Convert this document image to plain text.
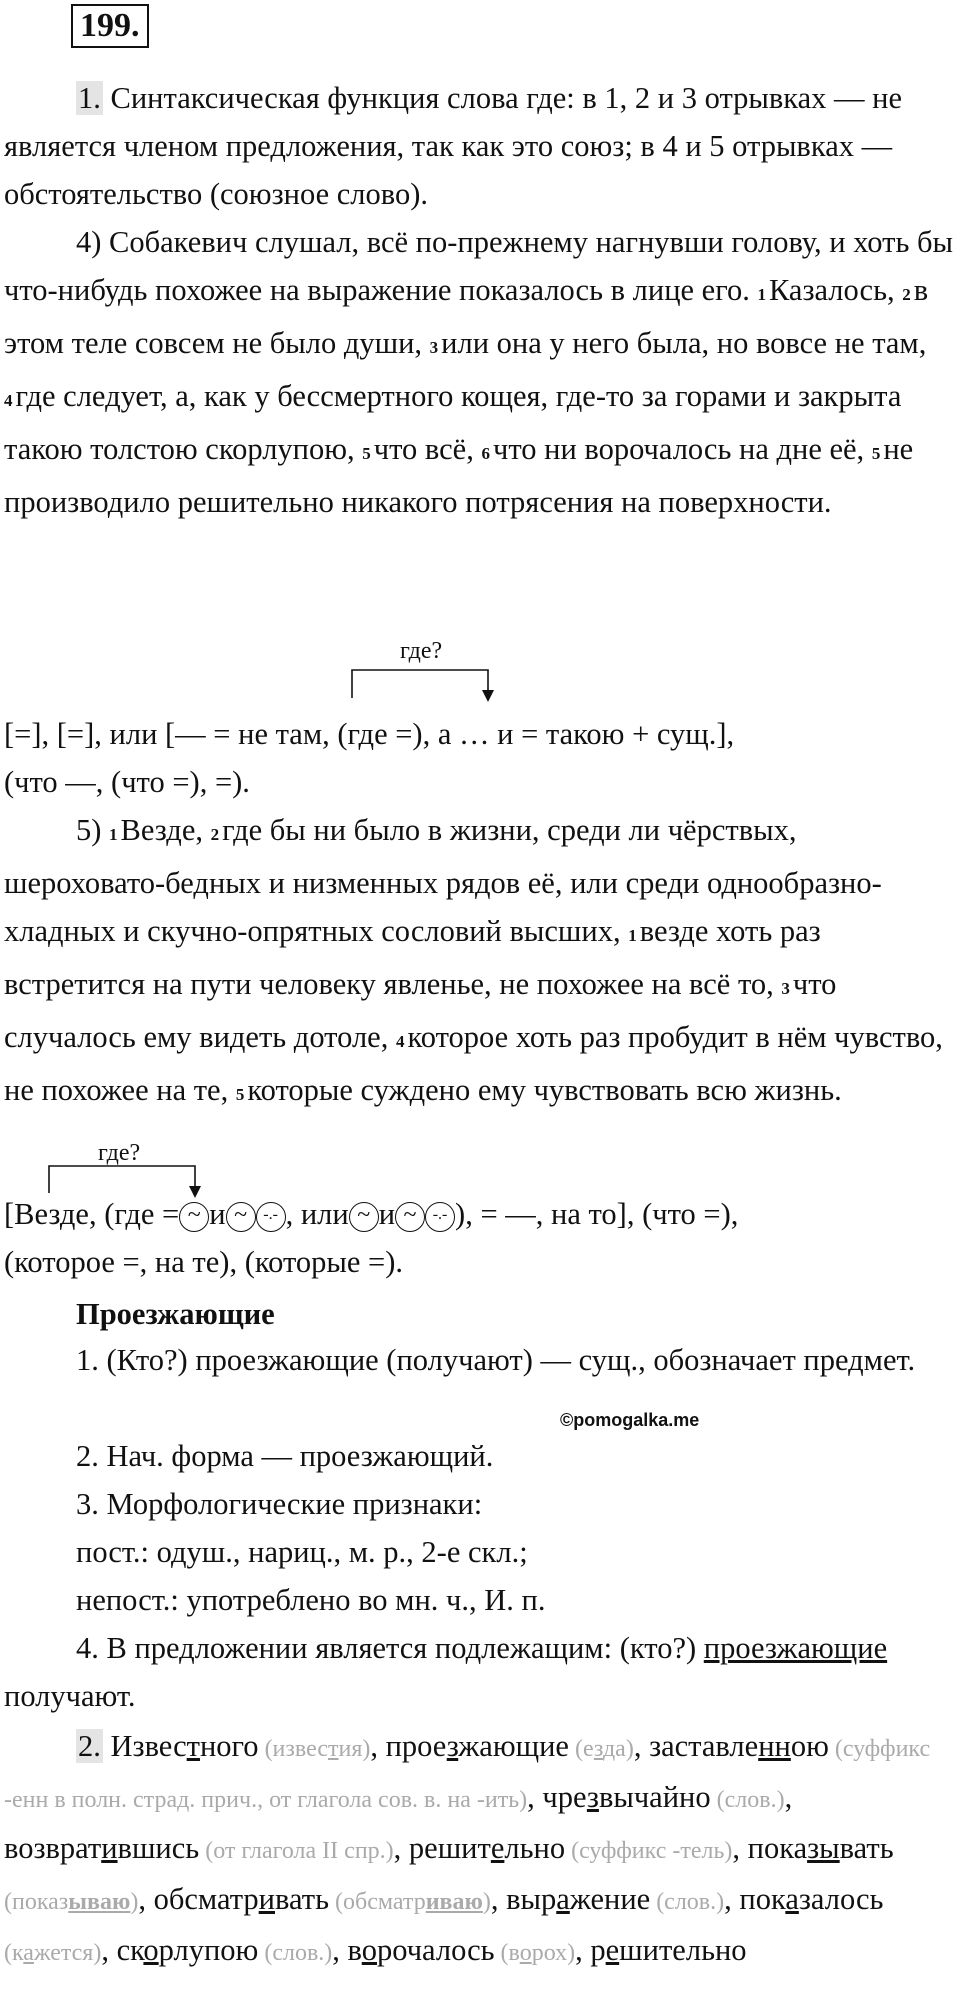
199.

1. Синтаксическая функция слова где: в 1, 2 и 3 отрывках — не является членом предложения, так как это союз; в 4 и 5 отрывках — обстоятельство (союзное слово).

4) Собакевич слушал, всё по-прежнему нагнувши голову, и хоть бы что-нибудь похожее на выражение показалось в лице его. 1Казалось, 2в этом теле совсем не было души, 3или она у него была, но вовсе не там, 4где следует, а, как у бессмертного кощея, где-то за горами и закрыта такою толстою скорлупою, 5что всё, 6что ни ворочалось на дне её, 5не производило решительно никакого потрясения на поверхности.

где?

[=], [=], или [— = не там, (где =), а … и = такою + сущ.],

(что —, (что =), =).

5) 1Везде, 2где бы ни было в жизни, среди ли чёрствых, шероховато-бедных и низменных рядов её, или среди однообразно-хладных и скучно-опрятных сословий высших, 1везде хоть раз встретится на пути человеку явленье, не похожее на всё то, 3что случалось ему видеть дотоле, 4которое хоть раз пробудит в нём чувство, не похожее на те, 5которые суждено ему чувствовать всю жизнь.

где?

[Везде, (где = ~ и ~ -.- , или ~ и ~ -.- ), = —, на то], (что =),

(которое =, на те), (которые =).

Проезжающие

1. (Кто?) проезжающие (получают) — сущ., обозначает предмет.

©pomogalka.me

2. Нач. форма — проезжающий.

3. Морфологические признаки:

пост.: одуш., нариц., м. р., 2-е скл.;

непост.: употреблено во мн. ч., И. п.

4. В предложении является подлежащим: (кто?) проезжающие получают.

2. Известного (известия), проезжающие (езда), заставленною (суффикс -енн в полн. страд. прич., от глагола сов. в. на -ить), чрезвычайно (слов.), возвратившись (от глагола II спр.), решительно (суффикс -тель), показывать (показываю), обсматривать (обсматриваю), выражение (слов.), показалось (кажется), скорлупою (слов.), ворочалось (ворох), решительно
